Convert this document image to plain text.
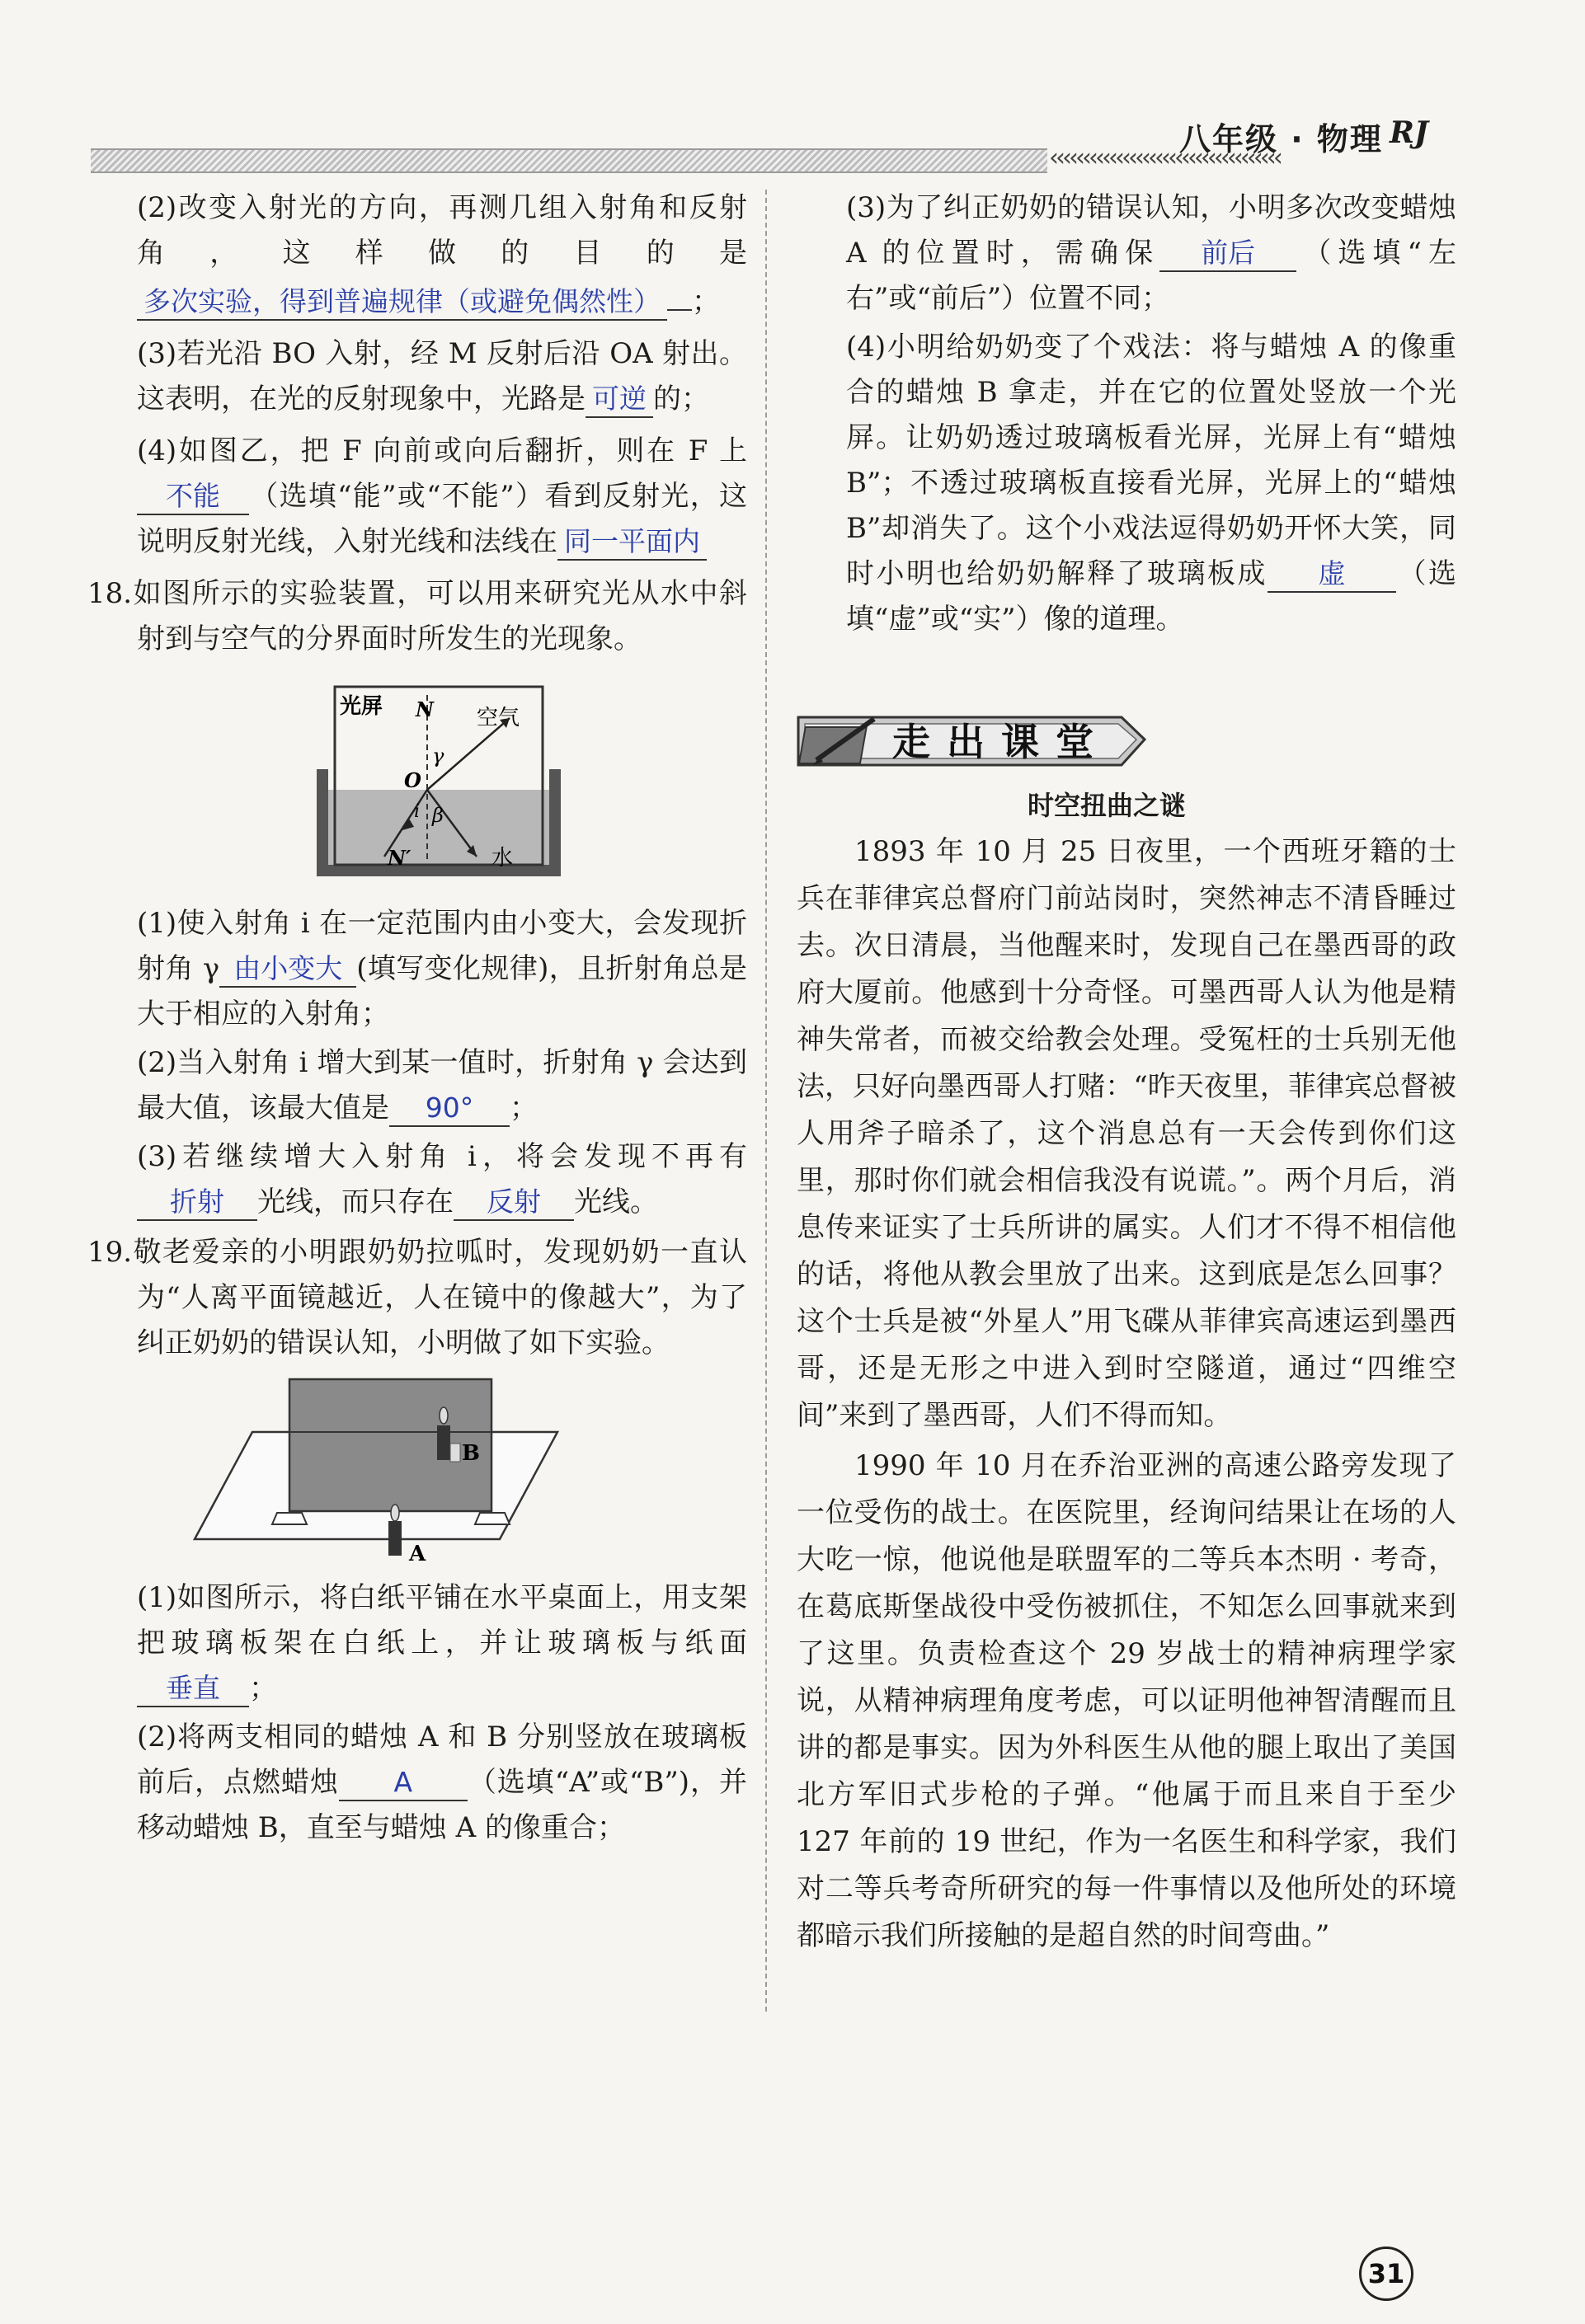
‹‹‹‹‹‹‹‹‹‹‹‹‹‹‹‹‹‹‹‹‹‹‹‹‹‹‹‹‹‹‹‹‹‹‹
八年级 · 物理 RJ

(2)改变入射光的方向，再测几组入射角和反射角，这样做的目的是多次实验，得到普遍规律（或避免偶然性） ；

(3)若光沿 BO 入射，经 M 反射后沿 OA 射出。这表明，在光的反射现象中，光路是 可逆 的；

(4)如图乙，把 F 向前或向后翻折，则在 F 上不能 （选填“能”或“不能”）看到反射光，这说明反射光线，入射光线和法线在 同一平面内

18.如图所示的实验装置，可以用来研究光从水中斜射到与空气的分界面时所发生的光现象。

光屏 N
O
γ
空气
i β
N′	水

(1)使入射角 i 在一定范围内由小变大，会发现折射角 γ 由小变大 (填写变化规律)，且折射角总是大于相应的入射角；

(2)当入射角 i 增大到某一值时，折射角 γ 会达到最大值，该最大值是 90° ；

(3)若继续增大入射角 i，将会发现不再有折射 光线，而只存在 反射 光线。

19.敬老爱亲的小明跟奶奶拉呱时，发现奶奶一直认为“人离平面镜越近，人在镜中的像越大”，为了纠正奶奶的错误认知，小明做了如下实验。

B
A

(1)如图所示，将白纸平铺在水平桌面上，用支架把玻璃板架在白纸上，并让玻璃板与纸面垂直 ；

(2)将两支相同的蜡烛 A 和 B 分别竖放在玻璃板前后，点燃蜡烛 A （选填“A”或“B”)，并移动蜡烛 B，直至与蜡烛 A 的像重合；

(3)为了纠正奶奶的错误认知，小明多次改变蜡烛 A 的位置时，需确保 前后 （选填“左右”或“前后”）位置不同；

(4)小明给奶奶变了个戏法：将与蜡烛 A 的像重合的蜡烛 B 拿走，并在它的位置处竖放一个光屏。让奶奶透过玻璃板看光屏，光屏上有“蜡烛 B”；不透过玻璃板直接看光屏，光屏上的“蜡烛 B”却消失了。这个小戏法逗得奶奶开怀大笑，同时小明也给奶奶解释了玻璃板成 虚 （选填“虚”或“实”）像的道理。

走出课堂
时空扭曲之谜

1893 年 10 月 25 日夜里，一个西班牙籍的士兵在菲律宾总督府门前站岗时，突然神志不清昏睡过去。次日清晨，当他醒来时，发现自己在墨西哥的政府大厦前。他感到十分奇怪。可墨西哥人认为他是精神失常者，而被交给教会处理。受冤枉的士兵别无他法，只好向墨西哥人打赌：“昨天夜里，菲律宾总督被人用斧子暗杀了，这个消息总有一天会传到你们这里，那时你们就会相信我没有说谎。”。两个月后，消息传来证实了士兵所讲的属实。人们才不得不相信他的话，将他从教会里放了出来。这到底是怎么回事？这个士兵是被“外星人”用飞碟从菲律宾高速运到墨西哥，还是无形之中进入到时空隧道，通过“四维空间”来到了墨西哥，人们不得而知。

1990 年 10 月在乔治亚洲的高速公路旁发现了一位受伤的战士。在医院里，经询问结果让在场的人大吃一惊，他说他是联盟军的二等兵本杰明 · 考奇，在葛底斯堡战役中受伤被抓住，不知怎么回事就来到了这里。负责检查这个 29 岁战士的精神病理学家说，从精神病理角度考虑，可以证明他神智清醒而且讲的都是事实。因为外科医生从他的腿上取出了美国北方军旧式步枪的子弹。“他属于而且来自于至少 127 年前的 19 世纪，作为一名医生和科学家，我们对二等兵考奇所研究的每一件事情以及他所处的环境都暗示我们所接触的是超自然的时间弯曲。”

31
